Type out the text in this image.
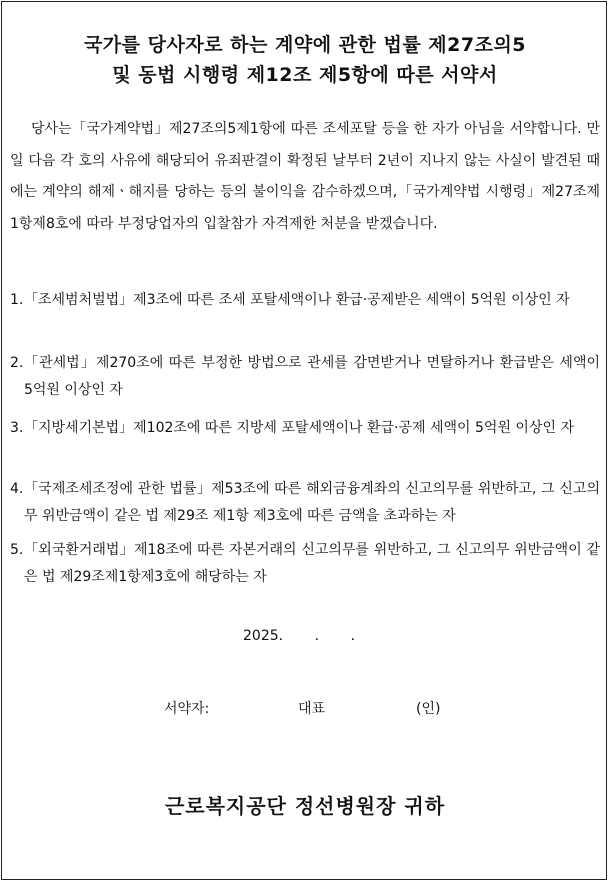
국가를 당사자로 하는 계약에 관한 법률 제27조의5
및 동법 시행령 제12조 제5항에 따른 서약서
당사는「국가계약법」제27조의5제1항에 따른 조세포탈 등을 한 자가 아님을 서약합니다. 만일 다음 각 호의 사유에 해당되어 유죄판결이 확정된 날부터 2년이 지나지 않는 사실이 발견된 때에는 계약의 해제ㆍ해지를 당하는 등의 불이익을 감수하겠으며,「국가계약법 시행령」제27조제1항제8호에 따라 부정당업자의 입찰참가 자격제한 처분을 받겠습니다.
1. 「조세범처벌법」제3조에 따른 조세 포탈세액이나 환급·공제받은 세액이 5억원 이상인 자
2. 「관세법」제270조에 따른 부정한 방법으로 관세를 감면받거나 면탈하거나 환급받은 세액이 5억원 이상인 자
3. 「지방세기본법」제102조에 따른 지방세 포탈세액이나 환급·공제 세액이 5억원 이상인 자
4. 「국제조세조정에 관한 법률」제53조에 따른 해외금융계좌의 신고의무를 위반하고, 그 신고의무 위반금액이 같은 법 제29조 제1항 제3호에 따른 금액을 초과하는 자
5. 「외국환거래법」제18조에 따른 자본거래의 신고의무를 위반하고, 그 신고의무 위반금액이 같은 법 제29조제1항제3호에 해당하는 자
2025. . .
서약자:	대표	(인)
근로복지공단 정선병원장 귀하
